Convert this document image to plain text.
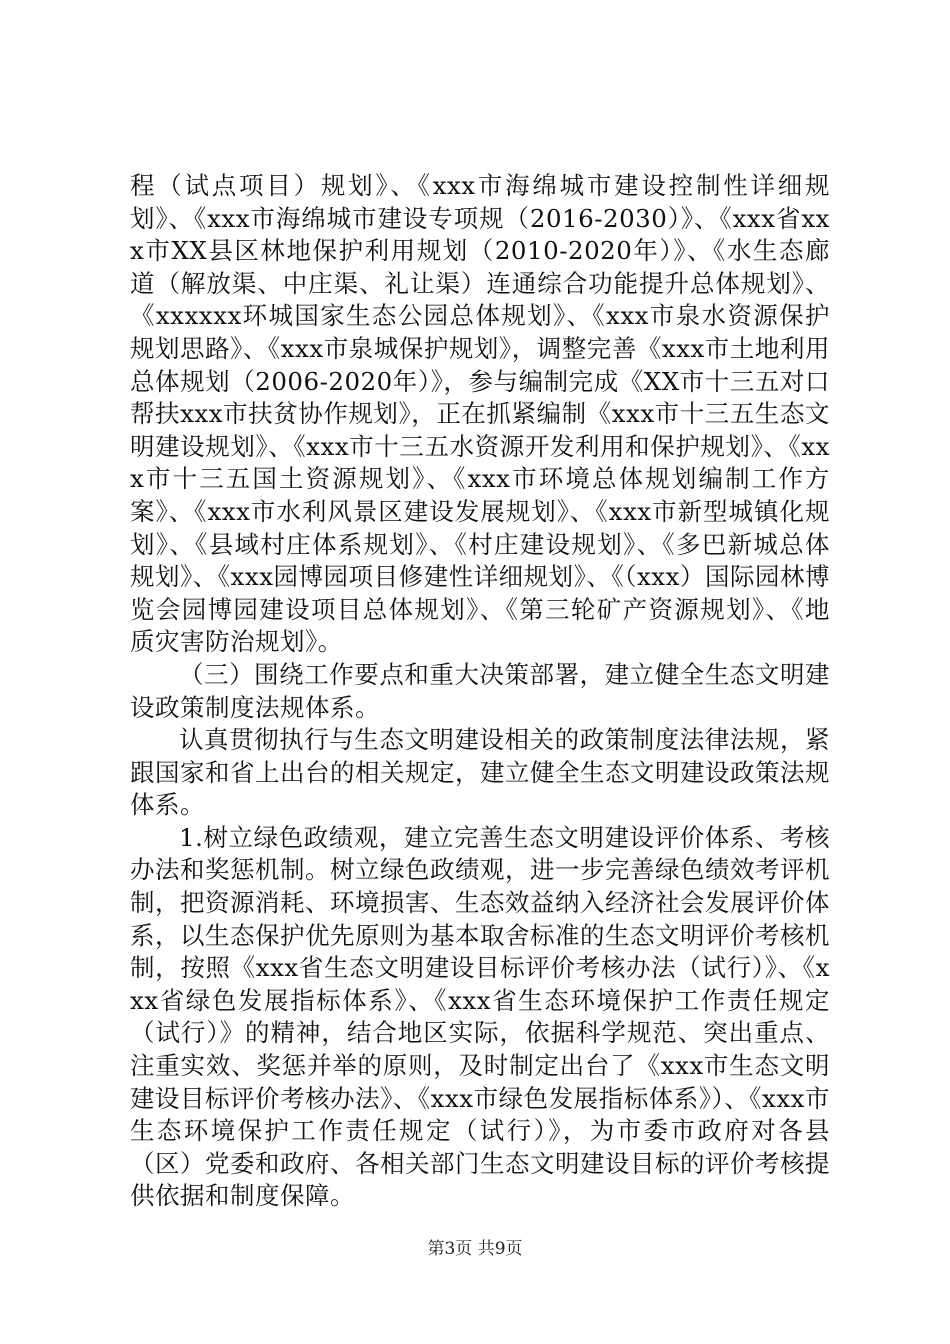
程（试点项目）规划》、《xxx市海绵城市建设控制性详细规划》、《xxx市海绵城市建设专项规（2016-2030）》、《xxx省xxx市XX县区林地保护利用规划（2010-2020年）》、《水生态廊道（解放渠、中庄渠、礼让渠）连通综合功能提升总体规划》、《xxxxxx环城国家生态公园总体规划》、《xxx市泉水资源保护规划思路》、《xxx市泉城保护规划》，调整完善《xxx市土地利用总体规划（2006-2020年）》，参与编制完成《XX市十三五对口帮扶xxx市扶贫协作规划》，正在抓紧编制《xxx市十三五生态文明建设规划》、《xxx市十三五水资源开发利用和保护规划》、《xxx市十三五国土资源规划》、《xxx市环境总体规划编制工作方案》、《xxx市水利风景区建设发展规划》、《xxx市新型城镇化规划》、《县域村庄体系规划》、《村庄建设规划》、《多巴新城总体规划》、《xxx园博园项目修建性详细规划》、《（xxx）国际园林博览会园博园建设项目总体规划》、《第三轮矿产资源规划》、《地质灾害防治规划》。

（三）围绕工作要点和重大决策部署，建立健全生态文明建设政策制度法规体系。

认真贯彻执行与生态文明建设相关的政策制度法律法规，紧跟国家和省上出台的相关规定，建立健全生态文明建设政策法规体系。

1.树立绿色政绩观，建立完善生态文明建设评价体系、考核办法和奖惩机制。树立绿色政绩观，进一步完善绿色绩效考评机制，把资源消耗、环境损害、生态效益纳入经济社会发展评价体系，以生态保护优先原则为基本取舍标准的生态文明评价考核机制，按照《xxx省生态文明建设目标评价考核办法（试行）》、《xxx省绿色发展指标体系》、《xxx省生态环境保护工作责任规定（试行）》的精神，结合地区实际，依据科学规范、突出重点、注重实效、奖惩并举的原则，及时制定出台了《xxx市生态文明建设目标评价考核办法》、《xxx市绿色发展指标体系》）、《xxx市生态环境保护工作责任规定（试行）》，为市委市政府对各县（区）党委和政府、各相关部门生态文明建设目标的评价考核提供依据和制度保障。

第3页 共9页
